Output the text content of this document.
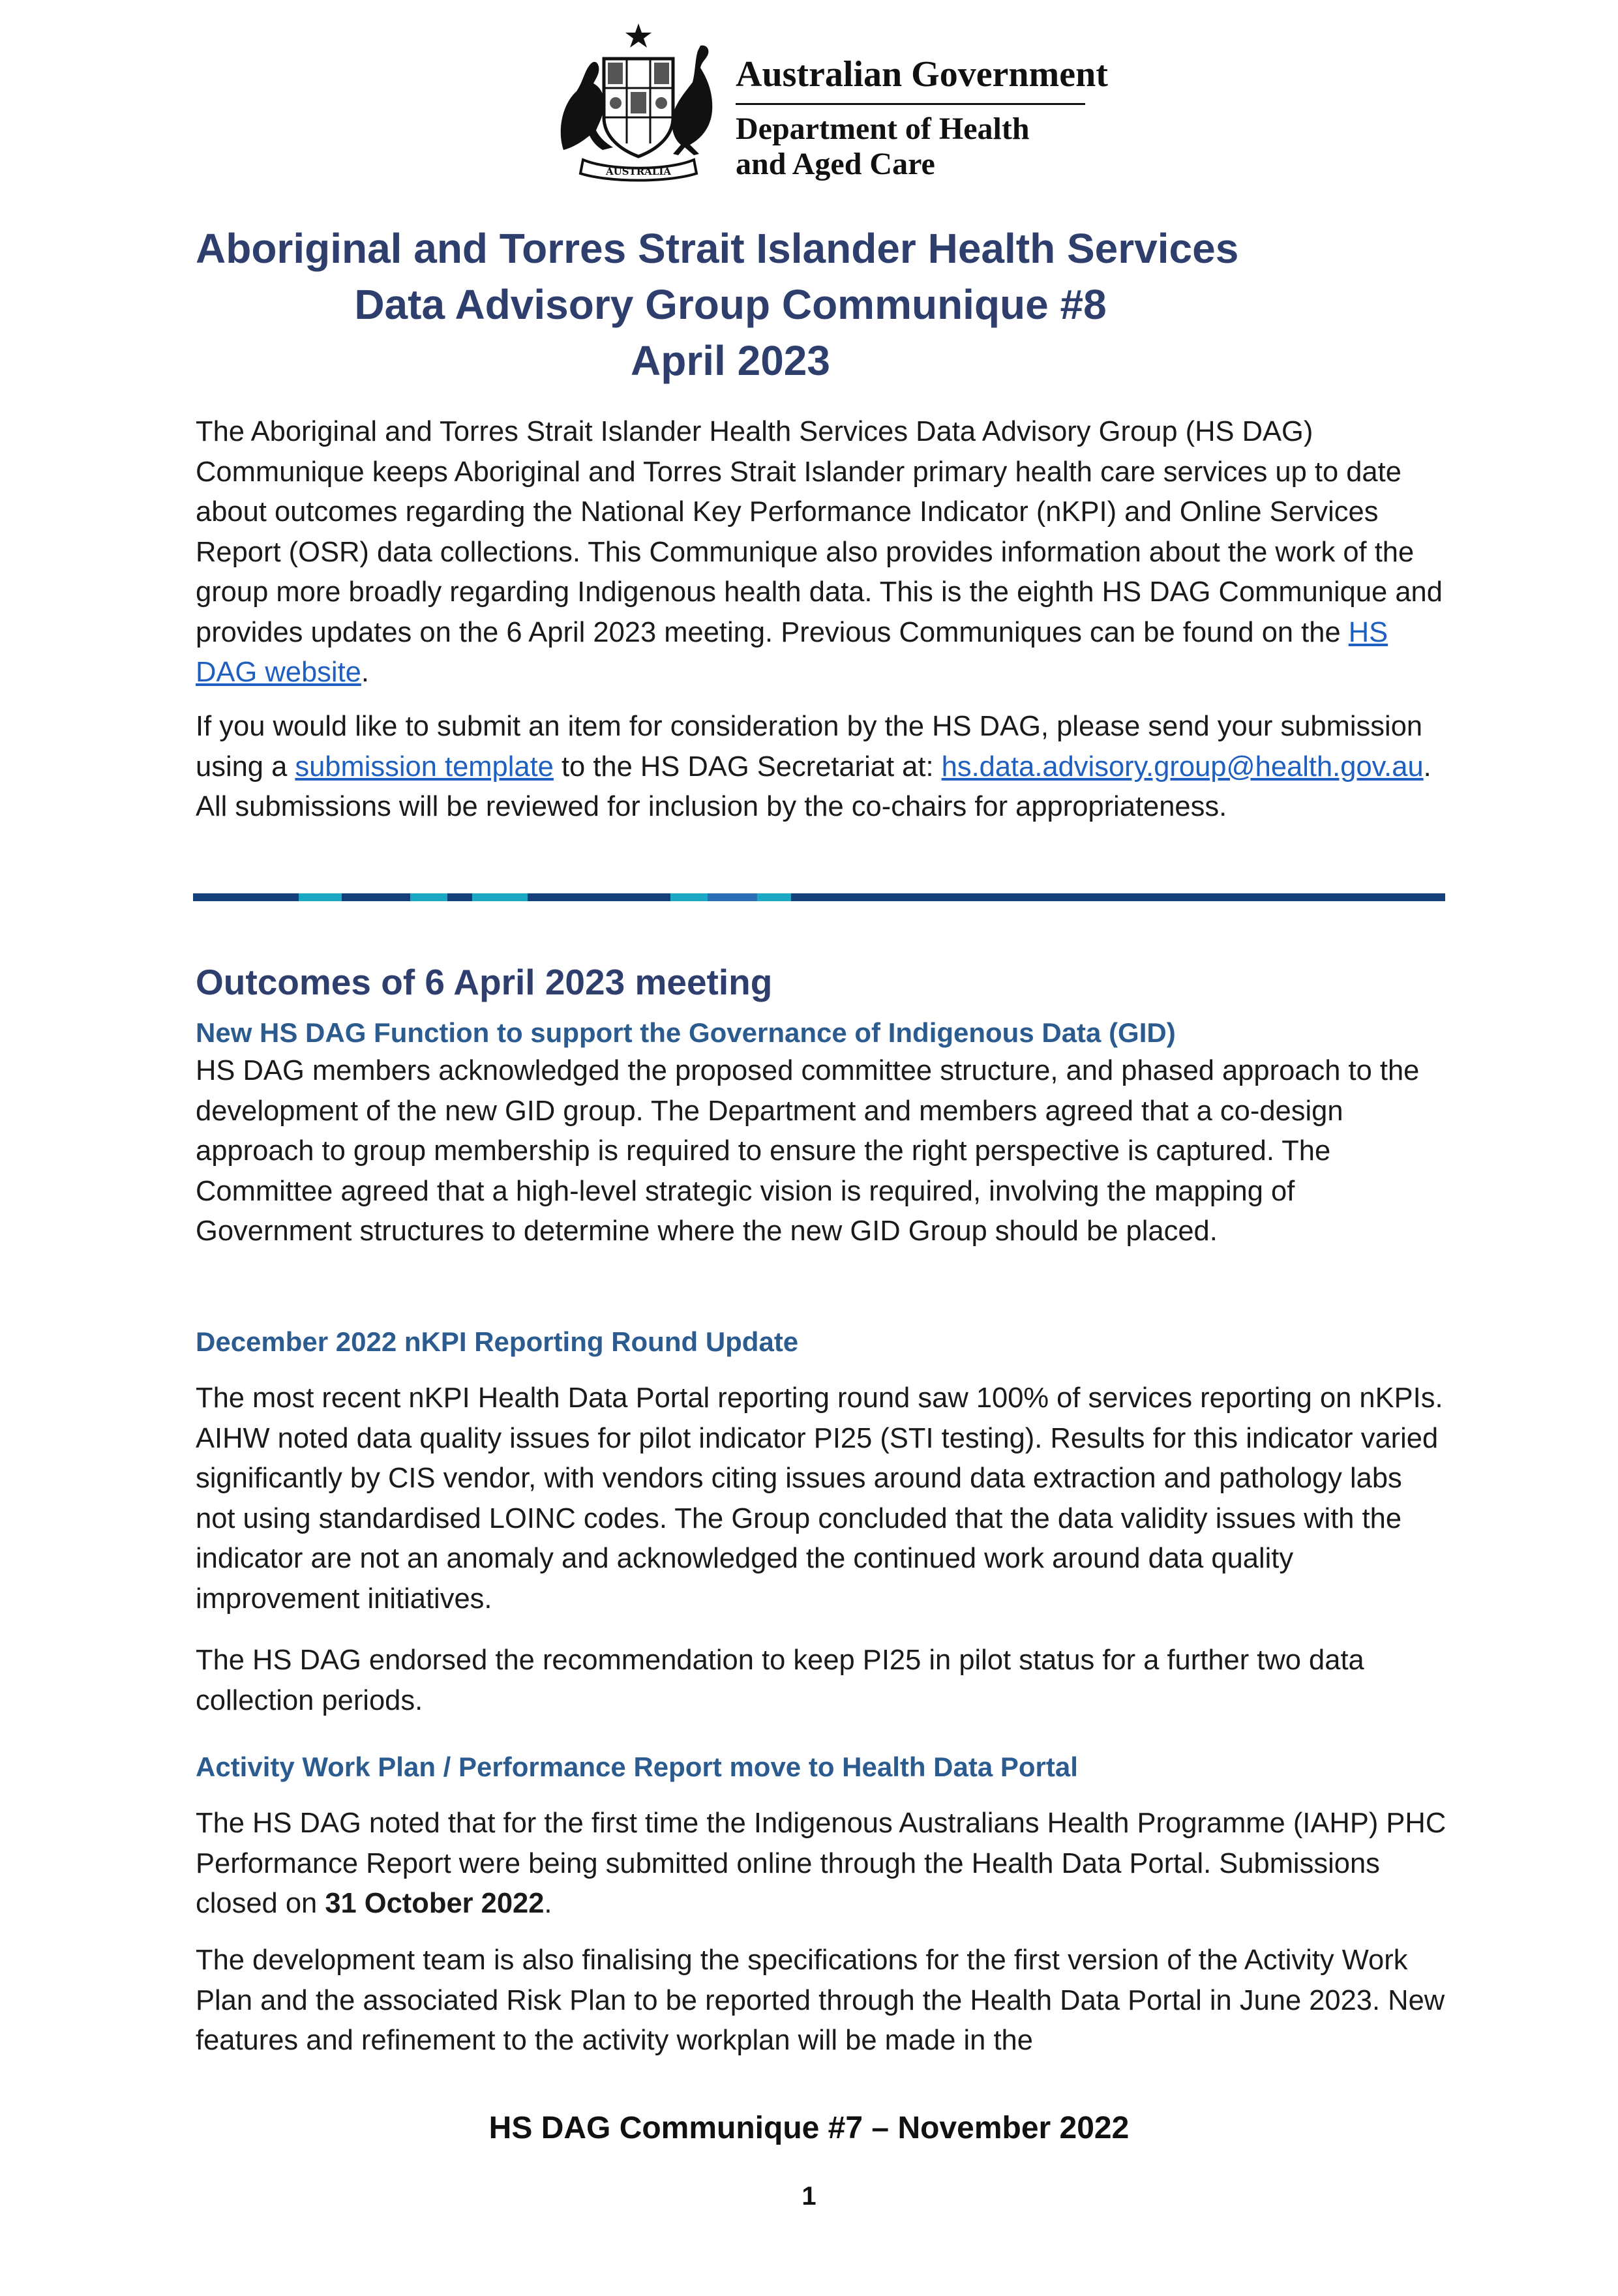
AUSTRALIA
Australian Government
Department of Health
and Aged Care
Aboriginal and Torres Strait Islander Health Services
Data Advisory Group Communique #8
April 2023

The Aboriginal and Torres Strait Islander Health Services Data Advisory Group (HS DAG) Communique keeps Aboriginal and Torres Strait Islander primary health care services up to date about outcomes regarding the National Key Performance Indicator (nKPI) and Online Services Report (OSR) data collections. This Communique also provides information about the work of the group more broadly regarding Indigenous health data. This is the eighth HS DAG Communique and provides updates on the 6 April 2023 meeting. Previous Communiques can be found on the HS DAG website.

If you would like to submit an item for consideration by the HS DAG, please send your submission using a submission template to the HS DAG Secretariat at: hs.data.advisory.group@health.gov.au. All submissions will be reviewed for inclusion by the co-chairs for appropriateness.

Outcomes of 6 April 2023 meeting
New HS DAG Function to support the Governance of Indigenous Data (GID)

HS DAG members acknowledged the proposed committee structure, and phased approach to the development of the new GID group. The Department and members agreed that a co-design approach to group membership is required to ensure the right perspective is captured. The Committee agreed that a high-level strategic vision is required, involving the mapping of Government structures to determine where the new GID Group should be placed.

December 2022 nKPI Reporting Round Update

The most recent nKPI Health Data Portal reporting round saw 100% of services reporting on nKPIs. AIHW noted data quality issues for pilot indicator PI25 (STI testing). Results for this indicator varied significantly by CIS vendor, with vendors citing issues around data extraction and pathology labs not using standardised LOINC codes. The Group concluded that the data validity issues with the indicator are not an anomaly and acknowledged the continued work around data quality improvement initiatives.

The HS DAG endorsed the recommendation to keep PI25 in pilot status for a further two data collection periods.

Activity Work Plan / Performance Report move to Health Data Portal

The HS DAG noted that for the first time the Indigenous Australians Health Programme (IAHP) PHC Performance Report were being submitted online through the Health Data Portal. Submissions closed on 31 October 2022.

The development team is also finalising the specifications for the first version of the Activity Work Plan and the associated Risk Plan to be reported through the Health Data Portal in June 2023. New features and refinement to the activity workplan will be made in the

HS DAG Communique #7 – November 2022
1
